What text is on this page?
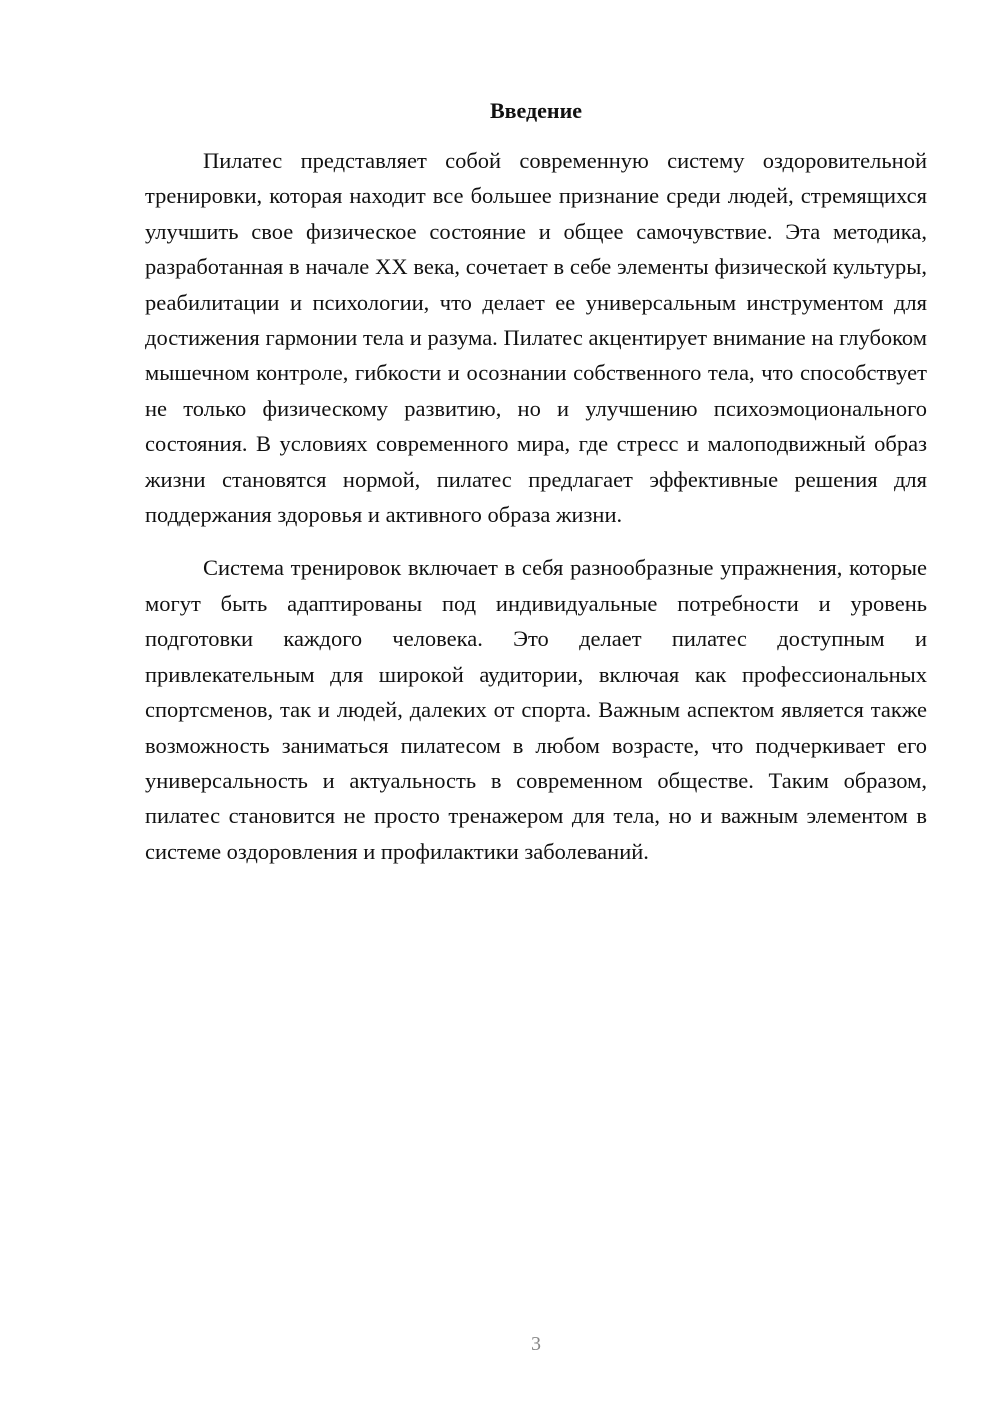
Введение

Пилатес представляет собой современную систему оздоровительной тренировки, которая находит все большее признание среди людей, стремящихся улучшить свое физическое состояние и общее самочувствие. Эта методика, разработанная в начале XX века, сочетает в себе элементы физической культуры, реабилитации и психологии, что делает ее универсальным инструментом для достижения гармонии тела и разума. Пилатес акцентирует внимание на глубоком мышечном контроле, гибкости и осознании собственного тела, что способствует не только физическому развитию, но и улучшению психоэмоционального состояния. В условиях современного мира, где стресс и малоподвижный образ жизни становятся нормой, пилатес предлагает эффективные решения для поддержания здоровья и активного образа жизни.

Система тренировок включает в себя разнообразные упражнения, которые могут быть адаптированы под индивидуальные потребности и уровень подготовки каждого человека. Это делает пилатес доступным и привлекательным для широкой аудитории, включая как профессиональных спортсменов, так и людей, далеких от спорта. Важным аспектом является также возможность заниматься пилатесом в любом возрасте, что подчеркивает его универсальность и актуальность в современном обществе. Таким образом, пилатес становится не просто тренажером для тела, но и важным элементом в системе оздоровления и профилактики заболеваний.

3
